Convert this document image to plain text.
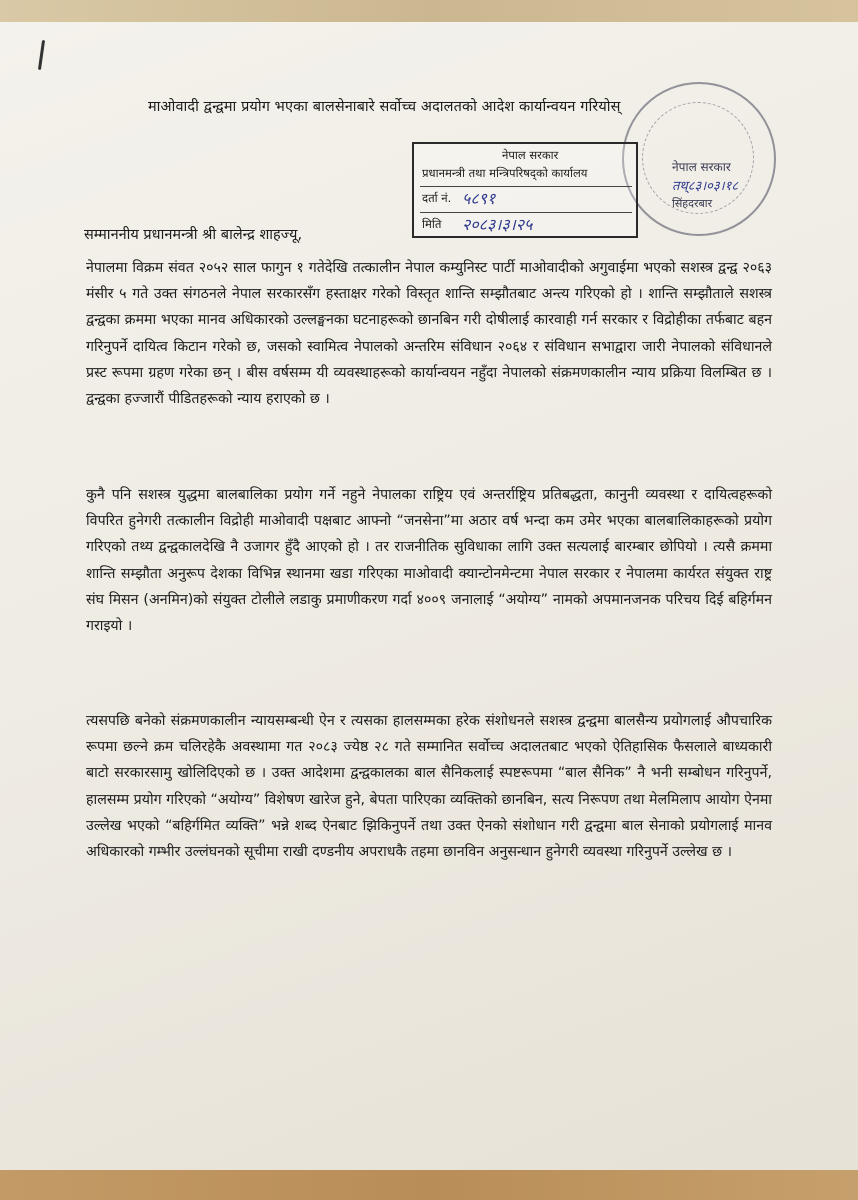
माओवादी द्वन्द्वमा प्रयोग भएका बालसेनाबारे सर्वोच्च अदालतको आदेश कार्यान्वयन गरियोस्
नेपाल सरकार
तथ्८३।०३।१८
सिंहदरबार
नेपाल सरकार
प्रधानमन्त्री तथा मन्त्रिपरिषद्को कार्यालय
दर्ता नं. ५८९१
मिति २०८३।३।२५
सम्माननीय प्रधानमन्त्री श्री बालेन्द्र शाहज्यू,

नेपालमा विक्रम संवत २०५२ साल फागुन १ गतेदेखि तत्कालीन नेपाल कम्युनिस्ट पार्टी माओवादीको अगुवाईमा भएको सशस्त्र द्वन्द्व २०६३ मंसीर ५ गते उक्त संगठनले नेपाल सरकारसँग हस्ताक्षर गरेको विस्तृत शान्ति सम्झौतबाट अन्त्य गरिएको हो । शान्ति सम्झौताले सशस्त्र द्वन्द्वका क्रममा भएका मानव अधिकारको उल्लङ्घनका घटनाहरूको छानबिन गरी दोषीलाई कारवाही गर्न सरकार र विद्रोहीका तर्फबाट बहन गरिनुपर्ने दायित्व किटान गरेको छ, जसको स्वामित्व नेपालको अन्तरिम संविधान २०६४ र संविधान सभाद्वारा जारी नेपालको संविधानले प्रस्ट रूपमा ग्रहण गरेका छन् । बीस वर्षसम्म यी व्यवस्थाहरूको कार्यान्वयन नहुँदा नेपालको संक्रमणकालीन न्याय प्रक्रिया विलम्बित छ । द्वन्द्वका हज्जारौं पीडितहरूको न्याय हराएको छ ।

कुनै पनि सशस्त्र युद्धमा बालबालिका प्रयोग गर्ने नहुने नेपालका राष्ट्रिय एवं अन्तर्राष्ट्रिय प्रतिबद्धता, कानुनी व्यवस्था र दायित्वहरूको विपरित हुनेगरी तत्कालीन विद्रोही माओवादी पक्षबाट आफ्नो “जनसेना”मा अठार वर्ष भन्दा कम उमेर भएका बालबालिकाहरूको प्रयोग गरिएको तथ्य द्वन्द्वकालदेखि नै उजागर हुँदै आएको हो । तर राजनीतिक सुविधाका लागि उक्त सत्यलाई बारम्बार छोपियो । त्यसै क्रममा शान्ति सम्झौता अनुरूप देशका विभिन्न स्थानमा खडा गरिएका माओवादी क्यान्टोनमेन्टमा नेपाल सरकार र नेपालमा कार्यरत संयुक्त राष्ट्र संघ मिसन (अनमिन)को संयुक्त टोलीले लडाकु प्रमाणीकरण गर्दा ४००९ जनालाई “अयोग्य” नामको अपमानजनक परिचय दिई बहिर्गमन गराइयो ।

त्यसपछि बनेको संक्रमणकालीन न्यायसम्बन्धी ऐन र त्यसका हालसम्मका हरेक संशोधनले सशस्त्र द्वन्द्वमा बालसैन्य प्रयोगलाई औपचारिक रूपमा छल्ने क्रम चलिरहेकै अवस्थामा गत २०८३ ज्येष्ठ २८ गते सम्मानित सर्वोच्च अदालतबाट भएको ऐतिहासिक फैसलाले बाध्यकारी बाटो सरकारसामु खोलिदिएको छ । उक्त आदेशमा द्वन्द्वकालका बाल सैनिकलाई स्पष्टरूपमा “बाल सैनिक” नै भनी सम्बोधन गरिनुपर्ने, हालसम्म प्रयोग गरिएको “अयोग्य” विशेषण खारेज हुने, बेपता पारिएका व्यक्तिको छानबिन, सत्य निरूपण तथा मेलमिलाप आयोग ऐनमा उल्लेख भएको “बहिर्गमित व्यक्ति” भन्ने शब्द ऐनबाट झिकिनुपर्ने तथा उक्त ऐनको संशोधान गरी द्वन्द्वमा बाल सेनाको प्रयोगलाई मानव अधिकारको गम्भीर उल्लंघनको सूचीमा राखी दण्डनीय अपराधकै तहमा छानविन अनुसन्धान हुनेगरी व्यवस्था गरिनुपर्ने उल्लेख छ ।
